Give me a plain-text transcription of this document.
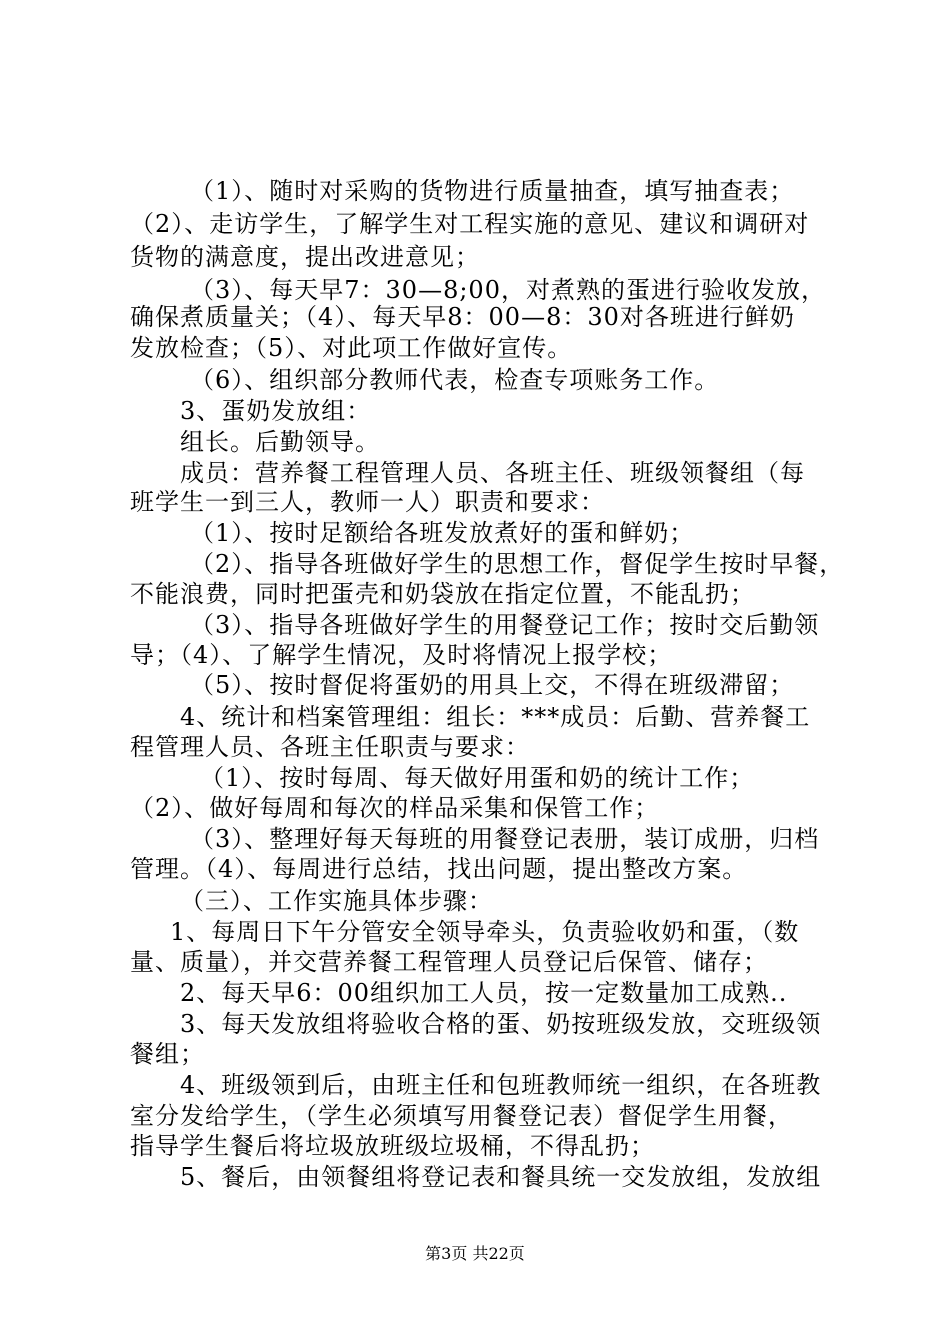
（1）、随时对采购的货物进行质量抽查，填写抽查表；
（2）、走访学生，了解学生对工程实施的意见、建议和调研对
货物的满意度，提出改进意见；
（3）、每天早7：30—8;00，对煮熟的蛋进行验收发放，
确保煮质量关；（4）、每天早8：00—8：30对各班进行鲜奶
发放检查；（5）、对此项工作做好宣传。
（6）、组织部分教师代表，检查专项账务工作。
3、蛋奶发放组：
组长。后勤领导。
成员：营养餐工程管理人员、各班主任、班级领餐组（每
班学生一到三人，教师一人）职责和要求：
（1）、按时足额给各班发放煮好的蛋和鲜奶；
（2）、指导各班做好学生的思想工作，督促学生按时早餐，
不能浪费，同时把蛋壳和奶袋放在指定位置，不能乱扔；
（3）、指导各班做好学生的用餐登记工作；按时交后勤领
导；（4）、了解学生情况，及时将情况上报学校；
（5）、按时督促将蛋奶的用具上交，不得在班级滞留；
4、统计和档案管理组：组长：***成员：后勤、营养餐工
程管理人员、各班主任职责与要求：
（1）、按时每周、每天做好用蛋和奶的统计工作；
（2）、做好每周和每次的样品采集和保管工作；
（3）、整理好每天每班的用餐登记表册，装订成册，归档
管理。（4）、每周进行总结，找出问题，提出整改方案。
（三）、工作实施具体步骤：
1、每周日下午分管安全领导牵头，负责验收奶和蛋，（数
量、质量），并交营养餐工程管理人员登记后保管、储存；
2、每天早6：00组织加工人员，按一定数量加工成熟..
3、每天发放组将验收合格的蛋、奶按班级发放，交班级领
餐组；
4、班级领到后，由班主任和包班教师统一组织，在各班教
室分发给学生，（学生必须填写用餐登记表）督促学生用餐，
指导学生餐后将垃圾放班级垃圾桶，不得乱扔；
5、餐后，由领餐组将登记表和餐具统一交发放组，发放组
第3页 共22页
